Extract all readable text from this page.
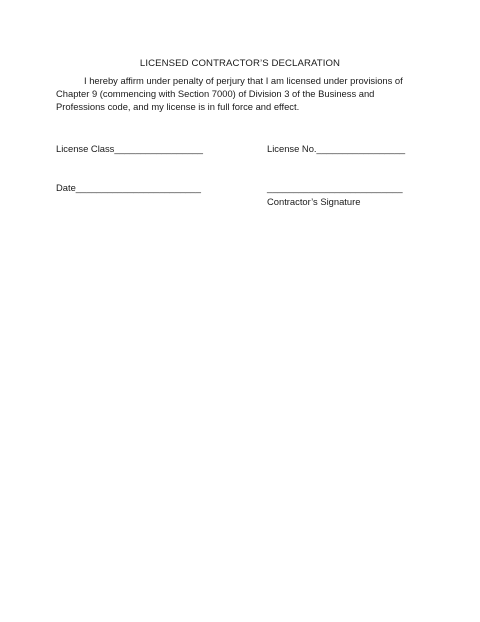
LICENSED CONTRACTOR’S DECLARATION
I hereby affirm under penalty of perjury that I am licensed under provisions of
Chapter 9 (commencing with Section 7000) of Division 3 of the Business and
Professions code, and my license is in full force and effect.
License Class_________________	License No._________________
Date________________________	__________________________
Contractor’s Signature
